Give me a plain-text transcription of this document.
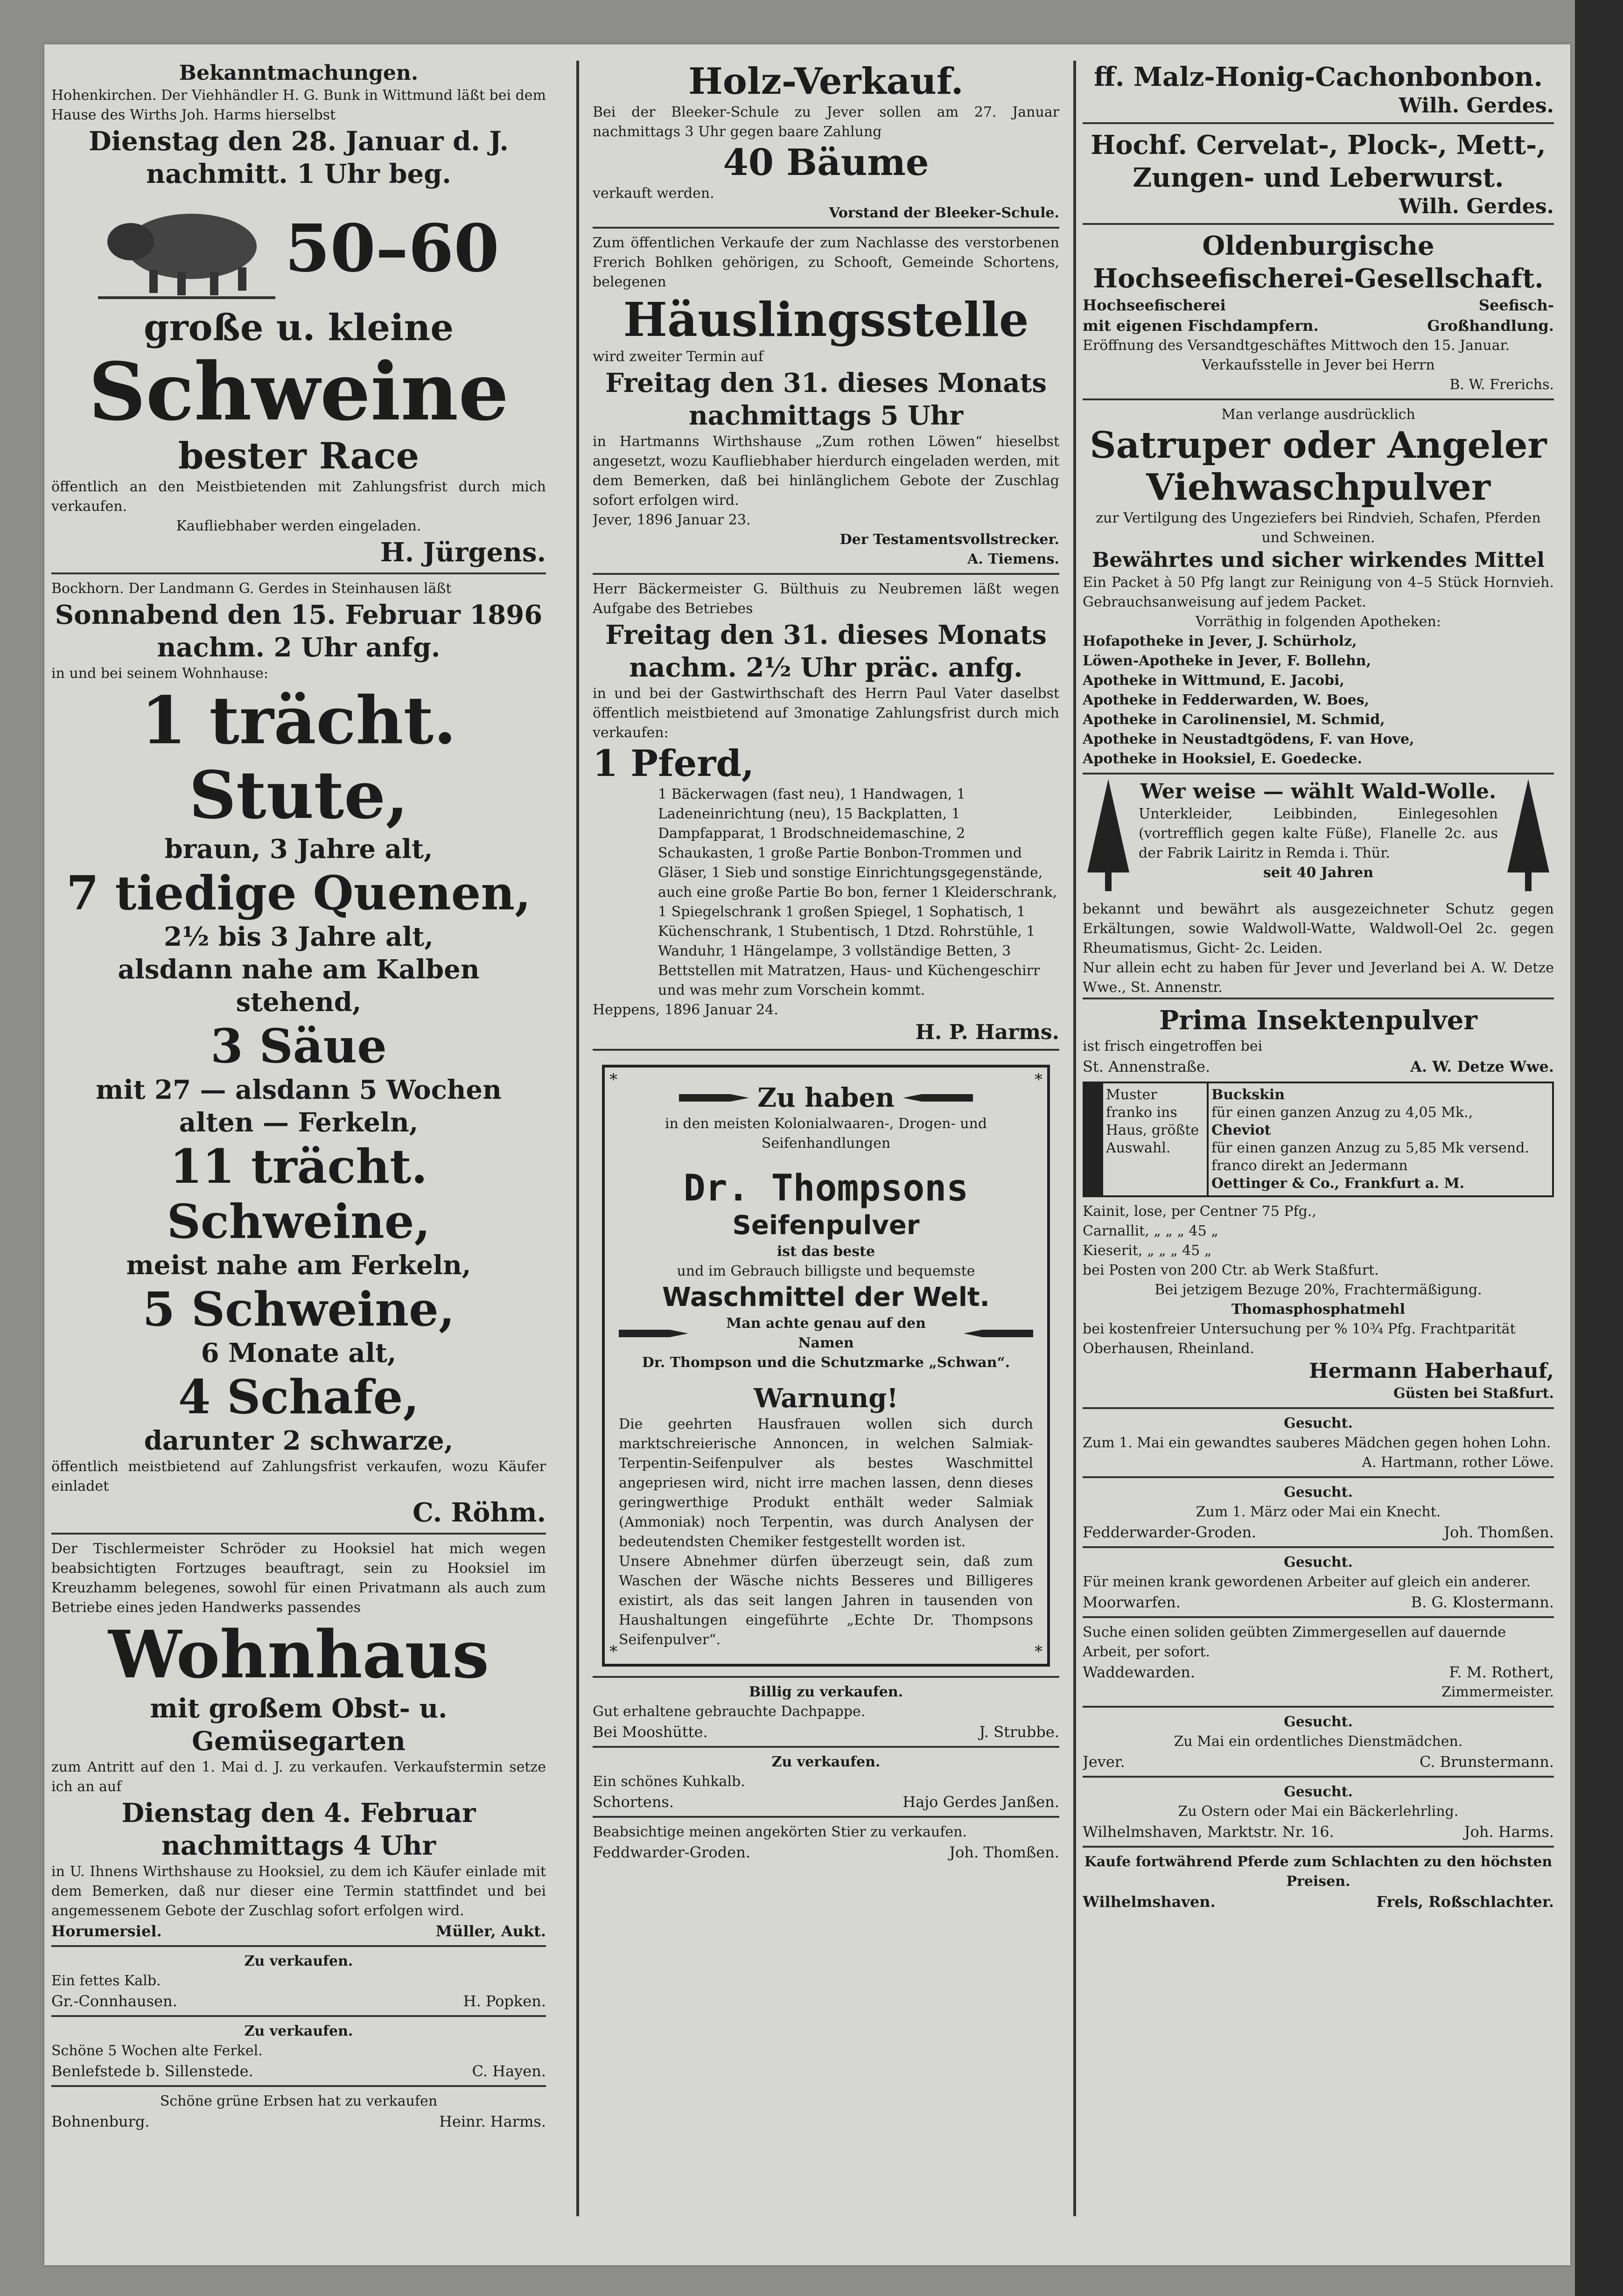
Bekanntmachungen.
Hohenkirchen. Der Viehhändler H. G. Bunk in Wittmund läßt bei dem Hause des Wirths Joh. Harms hierselbst
Dienstag den 28. Januar d. J.
nachmitt. 1 Uhr beg.
50–60
große u. kleine
Schweine
bester Race
öffentlich an den Meistbietenden mit Zahlungsfrist durch mich verkaufen.
Kaufliebhaber werden eingeladen.
H. Jürgens.
Bockhorn. Der Landmann G. Gerdes in Steinhausen läßt
Sonnabend den 15. Februar 1896
nachm. 2 Uhr anfg.
in und bei seinem Wohnhause:
1 trächt. Stute,
braun, 3 Jahre alt,
7 tiedige Quenen,
2½ bis 3 Jahre alt,
alsdann nahe am Kalben stehend,
3 Säue
mit 27 — alsdann 5 Wochen
alten — Ferkeln,
11 trächt. Schweine,
meist nahe am Ferkeln,
5 Schweine,
6 Monate alt,
4 Schafe,
darunter 2 schwarze,
öffentlich meistbietend auf Zahlungsfrist verkaufen, wozu Käufer einladet
C. Röhm.
Der Tischlermeister Schröder zu Hooksiel hat mich wegen beabsichtigten Fortzuges beauftragt, sein zu Hooksiel im Kreuzhamm belegenes, sowohl für einen Privatmann als auch zum Betriebe eines jeden Handwerks passendes
Wohnhaus
mit großem Obst- u. Gemüsegarten
zum Antritt auf den 1. Mai d. J. zu verkaufen. Verkaufstermin setze ich an auf
Dienstag den 4. Februar
nachmittags 4 Uhr
in U. Ihnens Wirthshause zu Hooksiel, zu dem ich Käufer einlade mit dem Bemerken, daß nur dieser eine Termin stattfindet und bei angemessenem Gebote der Zuschlag sofort erfolgen wird.
Horumersiel.	Müller, Aukt.
Zu verkaufen.
Ein fettes Kalb.
Gr.-Connhausen.	H. Popken.
Zu verkaufen.
Schöne 5 Wochen alte Ferkel.
Benlefstede b. Sillenstede.	C. Hayen.
Schöne grüne Erbsen hat zu verkaufen
Bohnenburg.	Heinr. Harms.
Holz-Verkauf.
Bei der Bleeker-Schule zu Jever sollen am 27. Januar nachmittags 3 Uhr gegen baare Zahlung
40 Bäume
verkauft werden.
Vorstand der Bleeker-Schule.
Zum öffentlichen Verkaufe der zum Nachlasse des verstorbenen Frerich Bohlken gehörigen, zu Schooft, Gemeinde Schortens, belegenen
Häuslingsstelle
wird zweiter Termin auf
Freitag den 31. dieses Monats
nachmittags 5 Uhr
in Hartmanns Wirthshause „Zum rothen Löwen“ hieselbst angesetzt, wozu Kaufliebhaber hierdurch eingeladen werden, mit dem Bemerken, daß bei hinlänglichem Gebote der Zuschlag sofort erfolgen wird.
Jever, 1896 Januar 23.
Der Testamentsvollstrecker.
A. Tiemens.
Herr Bäckermeister G. Bülthuis zu Neubremen läßt wegen Aufgabe des Betriebes
Freitag den 31. dieses Monats
nachm. 2½ Uhr präc. anfg.
in und bei der Gastwirthschaft des Herrn Paul Vater daselbst öffentlich meistbietend auf 3monatige Zahlungsfrist durch mich verkaufen:
1 Pferd,
1 Bäckerwagen (fast neu), 1 Handwagen, 1 Ladeneinrichtung (neu), 15 Backplatten, 1 Dampfapparat, 1 Brodschneidemaschine, 2 Schaukasten, 1 große Partie Bonbon-Trommen und Gläser, 1 Sieb und sonstige Einrichtungsgegenstände, auch eine große Partie Bo bon, ferner 1 Kleiderschrank, 1 Spiegelschrank 1 großen Spiegel, 1 Sophatisch, 1 Küchenschrank, 1 Stubentisch, 1 Dtzd. Rohrstühle, 1 Wanduhr, 1 Hängelampe, 3 vollständige Betten, 3 Bettstellen mit Matratzen, Haus- und Küchengeschirr und was mehr zum Vorschein kommt.
Heppens, 1896 Januar 24.
H. P. Harms.
*	*
*	*
Zu haben
in den meisten Kolonialwaaren-, Drogen- und Seifenhandlungen
Dr. Thompsons
Seifenpulver
ist das beste
und im Gebrauch billigste und bequemste
Waschmittel der Welt.
Man achte genau auf den Namen
Dr. Thompson und die Schutzmarke „Schwan“.
Warnung!
Die geehrten Hausfrauen wollen sich durch marktschreierische Annoncen, in welchen Salmiak-Terpentin-Seifenpulver als bestes Waschmittel angepriesen wird, nicht irre machen lassen, denn dieses geringwerthige Produkt enthält weder Salmiak (Ammoniak) noch Terpentin, was durch Analysen der bedeutendsten Chemiker festgestellt worden ist.
Unsere Abnehmer dürfen überzeugt sein, daß zum Waschen der Wäsche nichts Besseres und Billigeres existirt, als das seit langen Jahren in tausenden von Haushaltungen eingeführte „Echte Dr. Thompsons Seifenpulver“.
Billig zu verkaufen.
Gut erhaltene gebrauchte Dachpappe.
Bei Mooshütte.	J. Strubbe.
Zu verkaufen.
Ein schönes Kuhkalb.
Schortens.	Hajo Gerdes Janßen.
Beabsichtige meinen angekörten Stier zu verkaufen.
Feddwarder-Groden.	Joh. Thomßen.
ff. Malz-Honig-Cachonbonbon.
Wilh. Gerdes.
Hochf. Cervelat-, Plock-, Mett-, Zungen- und Leberwurst.
Wilh. Gerdes.
Oldenburgische
Hochseefischerei-Gesellschaft.
Hochseefischerei	Seefisch-
mit eigenen Fischdampfern.	Großhandlung.
Eröffnung des Versandtgeschäftes Mittwoch den 15. Januar.
Verkaufsstelle in Jever bei Herrn
B. W. Frerichs.
Man verlange ausdrücklich
Satruper oder Angeler Viehwaschpulver
zur Vertilgung des Ungeziefers bei Rindvieh, Schafen, Pferden und Schweinen.
Bewährtes und sicher wirkendes Mittel
Ein Packet à 50 Pfg langt zur Reinigung von 4–5 Stück Hornvieh. Gebrauchsanweisung auf jedem Packet.
Vorräthig in folgenden Apotheken:
Hofapotheke in Jever, J. Schürholz,
Löwen-Apotheke in Jever, F. Bollehn,
Apotheke in Wittmund, E. Jacobi,
Apotheke in Fedderwarden, W. Boes,
Apotheke in Carolinensiel, M. Schmid,
Apotheke in Neustadtgödens, F. van Hove,
Apotheke in Hooksiel, E. Goedecke.
Wer weise — wählt Wald-Wolle.
Unterkleider, Leibbinden, Einlegesohlen (vortrefflich gegen kalte Füße), Flanelle 2c. aus der Fabrik Lairitz in Remda i. Thür.
seit 40 Jahren
bekannt und bewährt als ausgezeichneter Schutz gegen Erkältungen, sowie Waldwoll-Watte, Waldwoll-Oel 2c. gegen Rheumatismus, Gicht- 2c. Leiden.
Nur allein echt zu haben für Jever und Jeverland bei A. W. Detze Wwe., St. Annenstr.
Prima Insektenpulver
ist frisch eingetroffen bei
St. Annenstraße.	A. W. Detze Wwe.
Muster franko ins Haus, größte Auswahl.
Buckskin
für einen ganzen Anzug zu 4,05 Mk.,
Cheviot
für einen ganzen Anzug zu 5,85 Mk versend. franco direkt an Jedermann
Oettinger & Co., Frankfurt a. M.
Kainit, lose, per Centner 75 Pfg.,
Carnallit, „ „ „ 45 „
Kieserit, „ „ „ 45 „
bei Posten von 200 Ctr. ab Werk Staßfurt.
Bei jetzigem Bezuge 20%, Frachtermäßigung.
Thomasphosphatmehl
bei kostenfreier Untersuchung per % 10¾ Pfg. Frachtparität Oberhausen, Rheinland.
Hermann Haberhauf,
Güsten bei Staßfurt.
Gesucht.
Zum 1. Mai ein gewandtes sauberes Mädchen gegen hohen Lohn.
A. Hartmann, rother Löwe.
Gesucht.
Zum 1. März oder Mai ein Knecht.
Fedderwarder-Groden.	Joh. Thomßen.
Gesucht.
Für meinen krank gewordenen Arbeiter auf gleich ein anderer.
Moorwarfen.	B. G. Klostermann.
Suche einen soliden geübten Zimmergesellen auf dauernde Arbeit, per sofort.
Waddewarden.	F. M. Rothert,
Zimmermeister.
Gesucht.
Zu Mai ein ordentliches Dienstmädchen.
Jever.	C. Brunstermann.
Gesucht.
Zu Ostern oder Mai ein Bäckerlehrling.
Wilhelmshaven, Marktstr. Nr. 16.	Joh. Harms.
Kaufe fortwährend Pferde zum Schlachten zu den höchsten Preisen.
Wilhelmshaven.	Frels, Roßschlachter.
